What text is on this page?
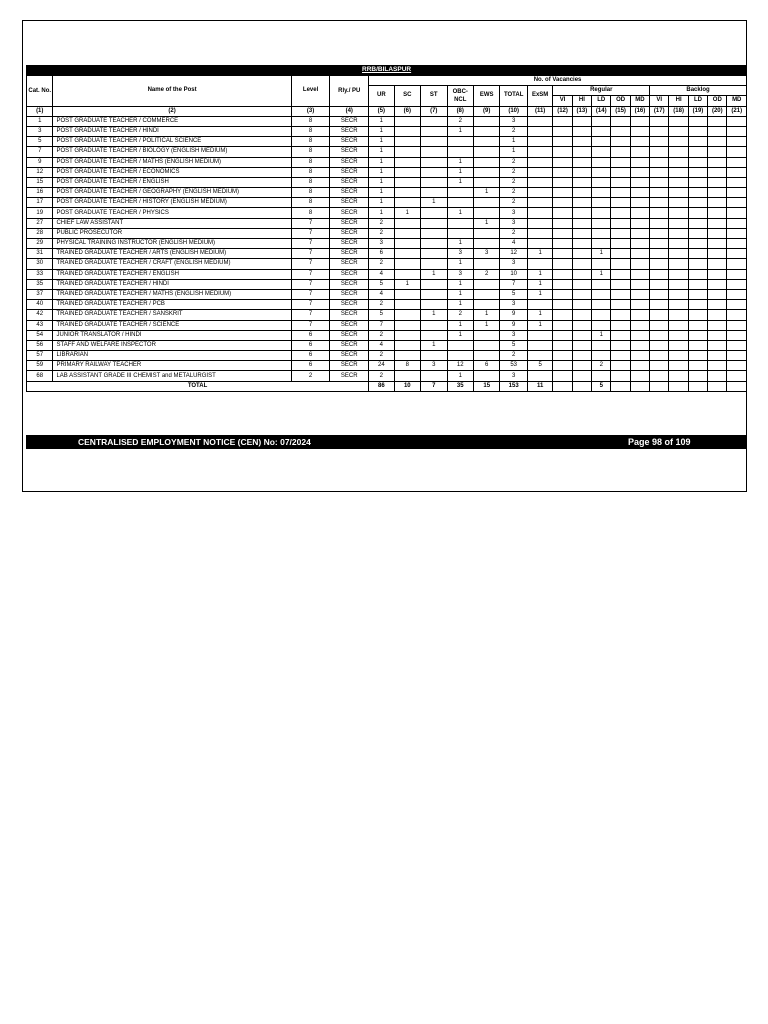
RRB/BILASPUR
Cat. No.	Name of the Post	Level	Rly./ PU	No. of Vacancies																
				UR	SC	ST	OBC-NCL	EWS	TOTAL	ExSM	Regular					Backlog				
											VI	HI	LD	OD	MD	VI	HI	LD	OD	MD
(1)	(2)	(3)	(4)	(5)	(6)	(7)	(8)	(9)	(10)	(11)	(12)	(13)	(14)	(15)	(16)	(17)	(18)	(19)	(20)	(21)
1	POST GRADUATE TEACHER / COMMERCE	8	SECR	1			2		3											
3	POST GRADUATE TEACHER / HINDI	8	SECR	1			1		2											
5	POST GRADUATE TEACHER / POLITICAL SCIENCE	8	SECR	1					1											
7	POST GRADUATE TEACHER / BIOLOGY (ENGLISH MEDIUM)	8	SECR	1					1											
9	POST GRADUATE TEACHER / MATHS (ENGLISH MEDIUM)	8	SECR	1			1		2											
12	POST GRADUATE TEACHER / ECONOMICS	8	SECR	1			1		2											
15	POST GRADUATE TEACHER / ENGLISH	8	SECR	1			1		2											
16	POST GRADUATE TEACHER / GEOGRAPHY (ENGLISH MEDIUM)	8	SECR	1				1	2											
17	POST GRADUATE TEACHER / HISTORY (ENGLISH MEDIUM)	8	SECR	1		1			2											
19	POST GRADUATE TEACHER / PHYSICS	8	SECR	1	1		1		3											
27	CHIEF LAW ASSISTANT	7	SECR	2				1	3											
28	PUBLIC PROSECUTOR	7	SECR	2					2											
29	PHYSICAL TRAINING INSTRUCTOR (ENGLISH MEDIUM)	7	SECR	3			1		4											
31	TRAINED GRADUATE TEACHER / ARTS (ENGLISH MEDIUM)	7	SECR	6			3	3	12	1			1							
30	TRAINED GRADUATE TEACHER / CRAFT (ENGLISH MEDIUM)	7	SECR	2			1		3											
33	TRAINED GRADUATE TEACHER / ENGLISH	7	SECR	4		1	3	2	10	1			1							
35	TRAINED GRADUATE TEACHER / HINDI	7	SECR	5	1		1		7	1										
37	TRAINED GRADUATE TEACHER / MATHS (ENGLISH MEDIUM)	7	SECR	4			1		5	1										
40	TRAINED GRADUATE TEACHER / PCB	7	SECR	2			1		3											
42	TRAINED GRADUATE TEACHER / SANSKRIT	7	SECR	5		1	2	1	9	1										
43	TRAINED GRADUATE TEACHER / SCIENCE	7	SECR	7			1	1	9	1										
54	JUNIOR TRANSLATOR / HINDI	6	SECR	2			1		3				1							
56	STAFF AND WELFARE INSPECTOR	6	SECR	4		1			5											
57	LIBRARIAN	6	SECR	2					2											
59	PRIMARY RAILWAY TEACHER	6	SECR	24	8	3	12	6	53	5			2							
68	LAB ASSISTANT GRADE III CHEMIST and METALURGIST	2	SECR	2			1		3											
TOTAL				86	10	7	35	15	153	11			5							
CENTRALISED EMPLOYMENT NOTICE (CEN) No: 07/2024	Page 98 of 109
